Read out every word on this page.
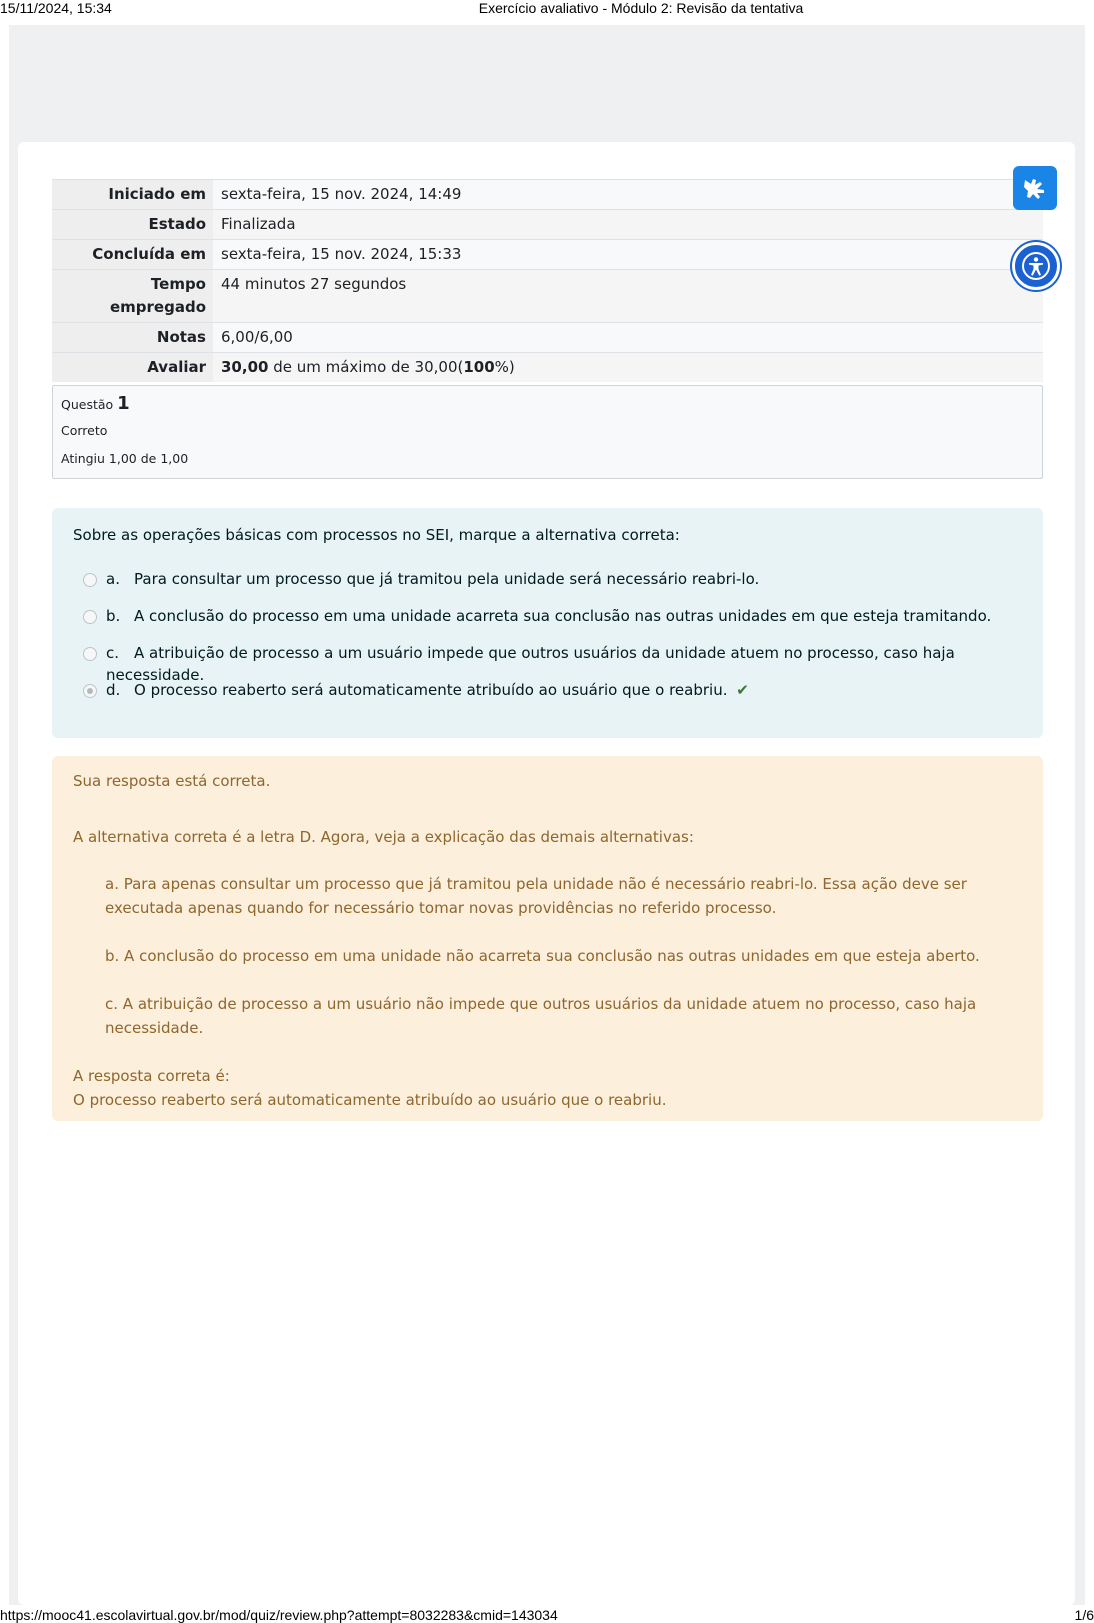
15/11/2024, 15:34	Exercício avaliativo - Módulo 2: Revisão da tentativa
Iniciado em	sexta-feira, 15 nov. 2024, 14:49
Estado	Finalizada
Concluída em	sexta-feira, 15 nov. 2024, 15:33
Tempo
empregado	44 minutos 27 segundos
Notas	6,00/6,00
Avaliar	30,00 de um máximo de 30,00(100%)
Questão 1
Correto
Atingiu 1,00 de 1,00
Sobre as operações básicas com processos no SEI, marque a alternativa correta:
a. Para consultar um processo que já tramitou pela unidade será necessário reabri-lo.
b. A conclusão do processo em uma unidade acarreta sua conclusão nas outras unidades em que esteja tramitando.
c. A atribuição de processo a um usuário impede que outros usuários da unidade atuem no processo, caso haja necessidade.
d. O processo reaberto será automaticamente atribuído ao usuário que o reabriu. ✔
Sua resposta está correta.
A alternativa correta é a letra D. Agora, veja a explicação das demais alternativas:

a. Para apenas consultar um processo que já tramitou pela unidade não é necessário reabri-lo. Essa ação deve ser executada apenas quando for necessário tomar novas providências no referido processo.

b. A conclusão do processo em uma unidade não acarreta sua conclusão nas outras unidades em que esteja aberto.

c. A atribuição de processo a um usuário não impede que outros usuários da unidade atuem no processo, caso haja necessidade.

A resposta correta é:
O processo reaberto será automaticamente atribuído ao usuário que o reabriu.
https://mooc41.escolavirtual.gov.br/mod/quiz/review.php?attempt=8032283&cmid=143034	1/6
